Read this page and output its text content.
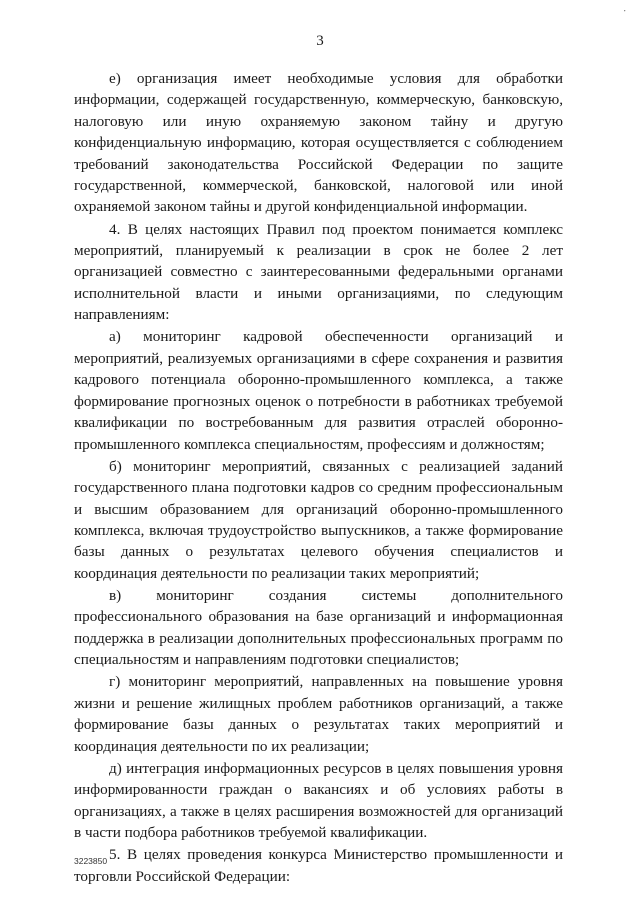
∙
3

е) организация имеет необходимые условия для обработки информации, содержащей государственную, коммерческую, банковскую, налоговую или иную охраняемую законом тайну и другую конфиденциальную информацию, которая осуществляется с соблюдением требований законодательства Российской Федерации по защите государственной, коммерческой, банковской, налоговой или иной охраняемой законом тайны и другой конфиденциальной информации.

4. В целях настоящих Правил под проектом понимается комплекс мероприятий, планируемый к реализации в срок не более 2 лет организацией совместно с заинтересованными федеральными органами исполнительной власти и иными организациями, по следующим направлениям:

а) мониторинг кадровой обеспеченности организаций и мероприятий, реализуемых организациями в сфере сохранения и развития кадрового потенциала оборонно-промышленного комплекса, а также формирование прогнозных оценок о потребности в работниках требуемой квалификации по востребованным для развития отраслей оборонно-промышленного комплекса специальностям, профессиям и должностям;

б) мониторинг мероприятий, связанных с реализацией заданий государственного плана подготовки кадров со средним профессиональным и высшим образованием для организаций оборонно-промышленного комплекса, включая трудоустройство выпускников, а также формирование базы данных о результатах целевого обучения специалистов и координация деятельности по реализации таких мероприятий;

в) мониторинг создания системы дополнительного профессионального образования на базе организаций и информационная поддержка в реализации дополнительных профессиональных программ по специальностям и направлениям подготовки специалистов;

г) мониторинг мероприятий, направленных на повышение уровня жизни и решение жилищных проблем работников организаций, а также формирование базы данных о результатах таких мероприятий и координация деятельности по их реализации;

д) интеграция информационных ресурсов в целях повышения уровня информированности граждан о вакансиях и об условиях работы в организациях, а также в целях расширения возможностей для организаций в части подбора работников требуемой квалификации.

5. В целях проведения конкурса Министерство промышленности и торговли Российской Федерации:

3223850
